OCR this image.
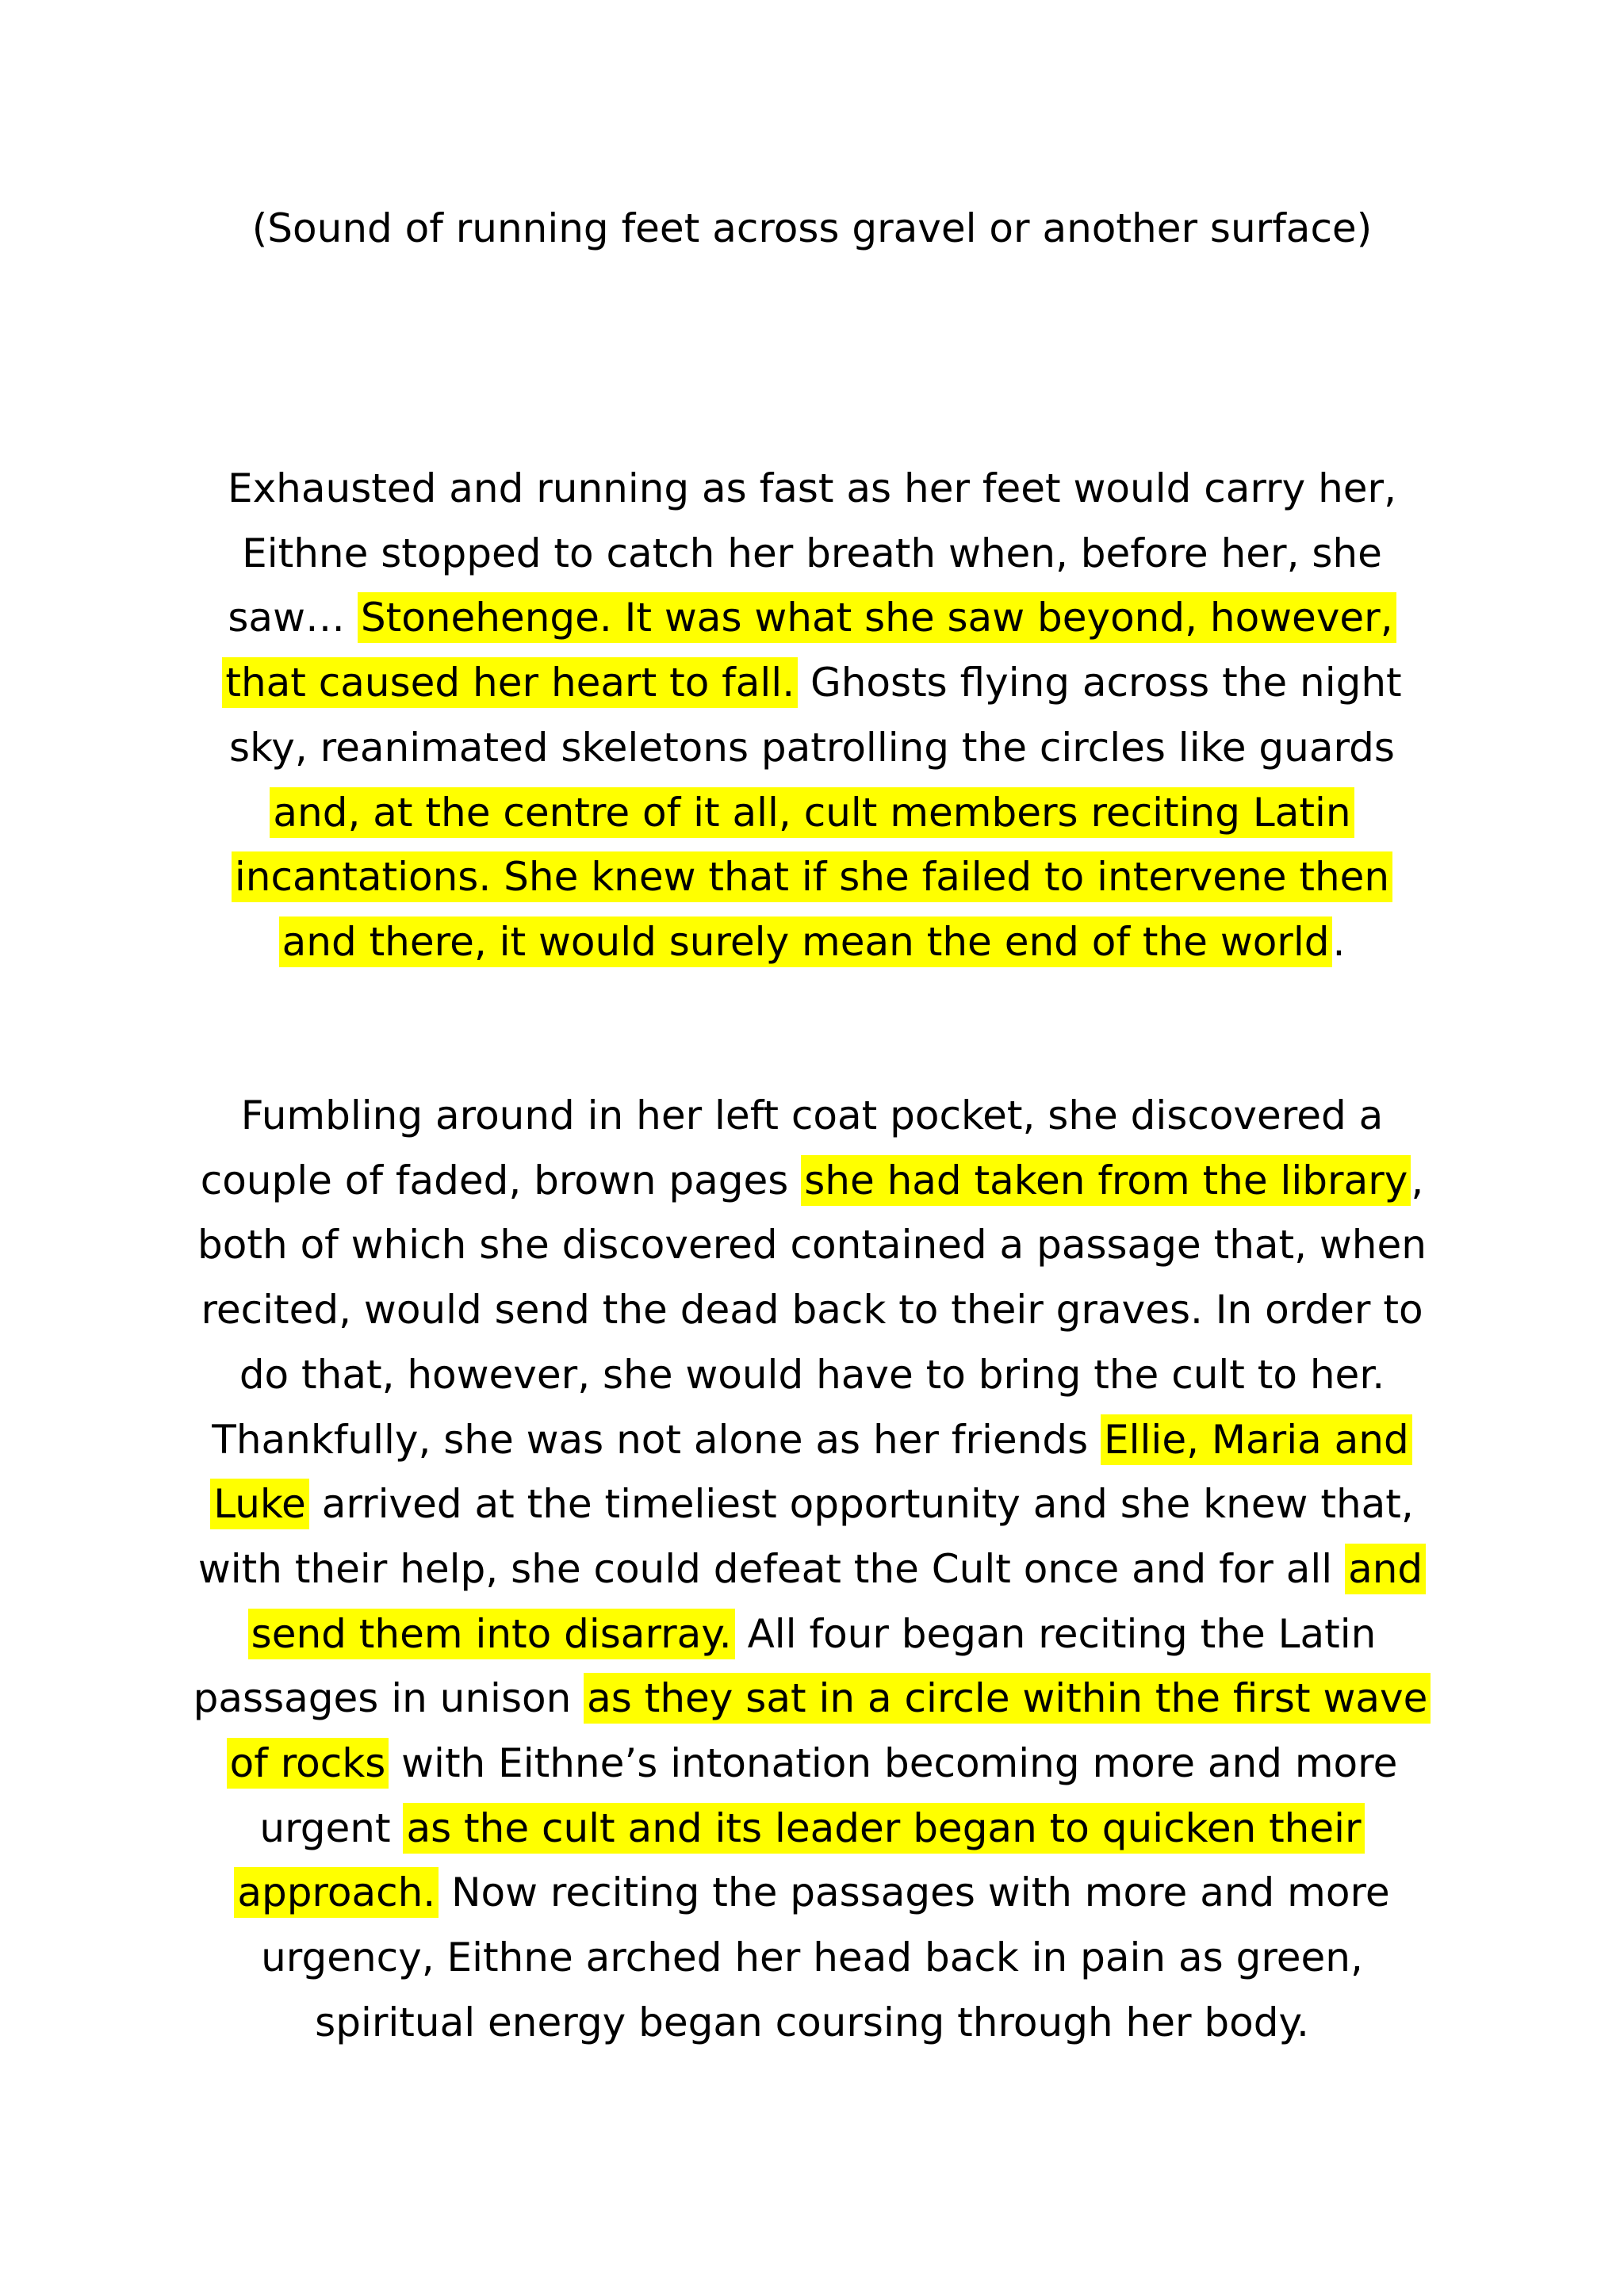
(Sound of running feet across gravel or another surface)
Exhausted and running as fast as her feet would carry her,
Eithne stopped to catch her breath when, before her, she
saw… Stonehenge. It was what she saw beyond, however,
that caused her heart to fall. Ghosts flying across the night
sky, reanimated skeletons patrolling the circles like guards
and, at the centre of it all, cult members reciting Latin
incantations. She knew that if she failed to intervene then
and there, it would surely mean the end of the world.
Fumbling around in her left coat pocket, she discovered a
couple of faded, brown pages she had taken from the library,
both of which she discovered contained a passage that, when
recited, would send the dead back to their graves. In order to
do that, however, she would have to bring the cult to her.
Thankfully, she was not alone as her friends Ellie, Maria and
Luke arrived at the timeliest opportunity and she knew that,
with their help, she could defeat the Cult once and for all and
send them into disarray. All four began reciting the Latin
passages in unison as they sat in a circle within the first wave
of rocks with Eithne’s intonation becoming more and more
urgent as the cult and its leader began to quicken their
approach. Now reciting the passages with more and more
urgency, Eithne arched her head back in pain as green,
spiritual energy began coursing through her body.
